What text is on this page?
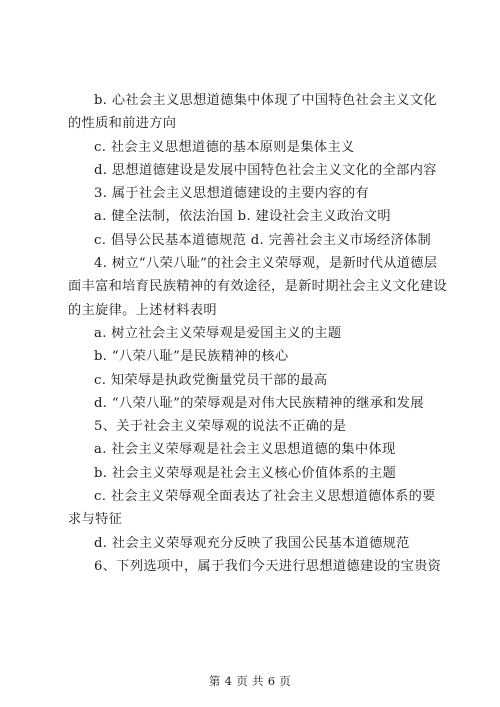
b. 心社会主义思想道德集中体现了中国特色社会主义文化
的性质和前进方向
c. 社会主义思想道德的基本原则是集体主义
d. 思想道德建设是发展中国特色社会主义文化的全部内容
3. 属于社会主义思想道德建设的主要内容的有
a. 健全法制，依法治国 b. 建设社会主义政治文明
c. 倡导公民基本道德规范 d. 完善社会主义市场经济体制
4. 树立“八荣八耻”的社会主义荣辱观，是新时代从道德层
面丰富和培育民族精神的有效途径，是新时期社会主义文化建设
的主旋律。上述材料表明
a. 树立社会主义荣辱观是爱国主义的主题
b. “八荣八耻”是民族精神的核心
c. 知荣辱是执政党衡量党员干部的最高
d. “八荣八耻”的荣辱观是对伟大民族精神的继承和发展
5、关于社会主义荣辱观的说法不正确的是
a. 社会主义荣辱观是社会主义思想道德的集中体现
b. 社会主义荣辱观是社会主义核心价值体系的主题
c. 社会主义荣辱观全面表达了社会主义思想道德体系的要
求与特征
d. 社会主义荣辱观充分反映了我国公民基本道德规范
6、下列选项中，属于我们今天进行思想道德建设的宝贵资
第 4 页 共 6 页
